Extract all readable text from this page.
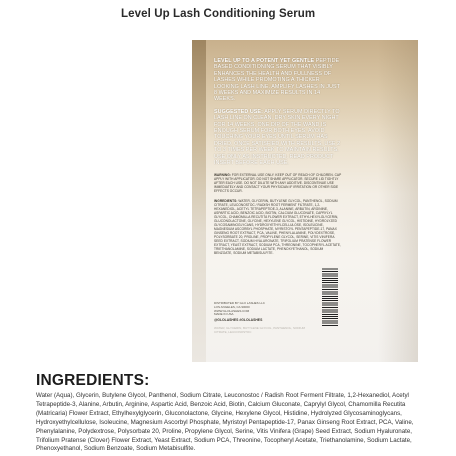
Level Up Lash Conditioning Serum
LEVEL UP TO A POTENT YET GENTLE PEPTIDE BASED CONDITIONING SERUM THAT VISIBLY ENHANCES THE HEALTH AND FULLNESS OF LASHES WHILE PROMOTING A THICKER LOOKING LASH LINE. AMPLIFY LASHES IN JUST 8 WEEKS AND MAXIMIZE RESULTS IN 14 WEEKS.
SUGGESTED USE: APPLY SERUM DIRECTLY TO LASH LINE ON CLEAN, DRY SKIN EVERY NIGHT FOR 14 WEEKS. ONE DIP OF THE WAND IS ENOUGH SERUM FOR BOTH EYES. AVOID TOUCHING YOUR EYES UNTIL SERUM HAS DRIED. ONCE SATISFIED WITH RESULTS, USE 2 TO 3 TIMES PER WEEK TO MAINTAIN RESULTS. USE ONLY AS INSTRUCTED. READ PRODUCT INSERT BEFORE EACH USE.
WARNING: FOR EXTERNAL USE ONLY. KEEP OUT OF REACH OF CHILDREN. CAP APPLY WITH APPLICATOR. DO NOT SHARE APPLICATOR. SECURE LID TIGHTLY AFTER EACH USE. DO NOT DILUTE WITH ANY ADDITIVE. DISCONTINUE USE IMMEDIATELY AND CONTACT YOUR PHYSICIAN IF IRRITATION OR OTHER SIDE EFFECTS OCCUR.
INGREDIENTS: WATER, GLYCERIN, BUTYLENE GLYCOL, PANTHENOL, SODIUM CITRATE, LEUCONOSTOC / RADISH ROOT FERMENT FILTRATE, 1,2-HEXANEDIOL, ACETYL TETRAPEPTIDE-3, ALANINE, ARBUTIN, ARGININE, ASPARTIC ACID, BENZOIC ACID, BIOTIN, CALCIUM GLUCONATE, CAPRYLYL GLYCOL, CHAMOMILLA RECUTITA FLOWER EXTRACT, ETHYLHEXYLGLYCERIN, GLUCONOLACTONE, GLYCINE, HEXYLENE GLYCOL, HISTIDINE, HYDROLYZED GLYCOSAMINOGLYCANS, HYDROXYETHYLCELLULOSE, ISOLEUCINE, MAGNESIUM ASCORBYL PHOSPHATE, MYRISTOYL PENTAPEPTIDE-17, PANAX GINSENG ROOT EXTRACT, PCA, VALINE, PHENYLALANINE, POLYDEXTROSE, POLYSORBATE 20, PROLINE, PROPYLENE GLYCOL, SERINE, VITIS VINIFERA SEED EXTRACT, SODIUM HYALURONATE, TRIFOLIUM PRATENSE FLOWER EXTRACT, YEAST EXTRACT, SODIUM PCA, THREONINE, TOCOPHERYL ACETATE, TRIETHANOLAMINE, SODIUM LACTATE, PHENOXYETHANOL, SODIUM BENZOATE, SODIUM METABISULFITE.
DISTRIBUTED BY GLO LASHES LLC
LOS ANGELES, CA 90000
WWW.GLOLASHES.COM
MADE IN USA
@GLOLASHES #GLOLASHES
WATER, GLYCERIN, BUTYLENE GLYCOL, PANTHENOL, SODIUM CITRATE, LEUCONOSTOC
INGREDIENTS:
Water (Aqua), Glycerin, Butylene Glycol, Panthenol, Sodium Citrate, Leuconostoc / Radish Root Ferment Filtrate, 1,2-Hexanediol, Acetyl Tetrapeptide-3, Alanine, Arbutin, Arginine, Aspartic Acid, Benzoic Acid, Biotin, Calcium Gluconate, Caprylyl Glycol, Chamomilla Recutita (Matricaria) Flower Extract, Ethylhexylglycerin, Gluconolactone, Glycine, Hexylene Glycol, Histidine, Hydrolyzed Glycosaminoglycans, Hydroxyethylcellulose, Isoleucine, Magnesium Ascorbyl Phosphate, Myristoyl Pentapeptide-17, Panax Ginseng Root Extract, PCA, Valine, Phenylalanine, Polydextrose, Polysorbate 20, Proline, Propylene Glycol, Serine, Vitis Vinifera (Grape) Seed Extract, Sodium Hyaluronate, Trifolium Pratense (Clover) Flower Extract, Yeast Extract, Sodium PCA, Threonine, Tocopheryl Acetate, Triethanolamine, Sodium Lactate, Phenoxyethanol, Sodium Benzoate, Sodium Metabisulfite.
